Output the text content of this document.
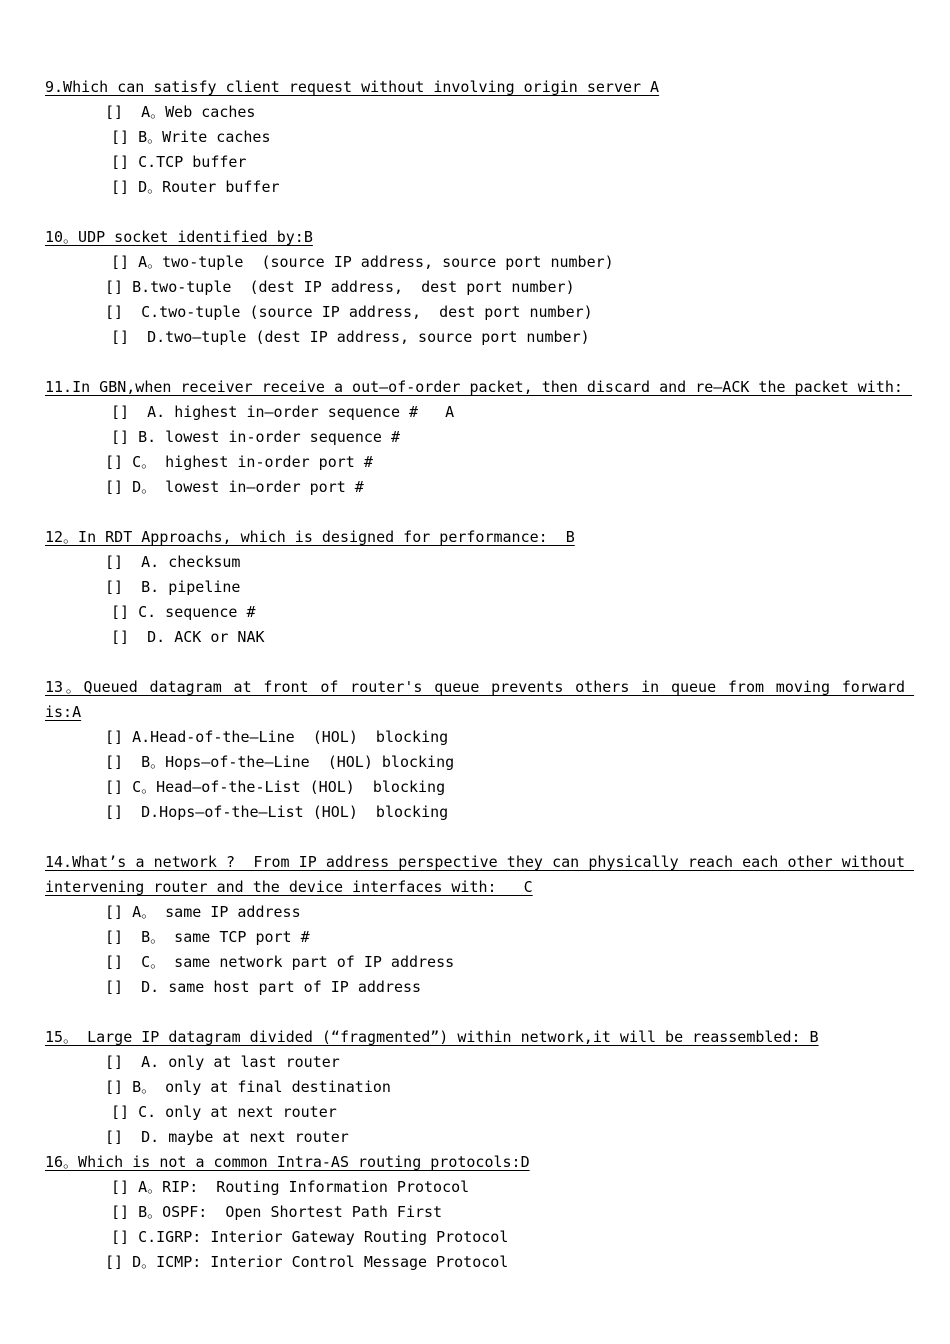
9.Which can satisfy client request without involving origin server A

[]  A。Web caches

[] B。Write caches

[] C.TCP buffer

[] D。Router buffer

10。UDP socket identified by:B

[] A。two-tuple  (source IP address, source port number)

[] B.two-tuple  (dest IP address,  dest port number)

[]  C.two-tuple (source IP address,  dest port number)

[]  D.two—tuple (dest IP address, source port number)

11.In GBN,when receiver receive a out—of-order packet, then discard and re—ACK the packet with:

[]  A. highest in—order sequence #   A

[] B. lowest in-order sequence #

[] C。 highest in-order port #

[] D。 lowest in—order port #

12。In RDT Approachs, which is designed for performance:  B

[]  A. checksum

[]  B. pipeline

[] C. sequence #

[]  D. ACK or NAK

13。Queued datagram at front of router's queue prevents others in queue from moving forward is:A

[] A.Head-of-the—Line  (HOL)  blocking

[]  B。Hops—of-the—Line  (HOL) blocking

[] C。Head—of-the-List (HOL)  blocking

[]  D.Hops—of-the—List (HOL)  blocking

14.What’s a network ?  From IP address perspective they can physically reach each other without intervening router and the device interfaces with:   C

[] A。 same IP address

[]  B。 same TCP port #

[]  C。 same network part of IP address

[]  D. same host part of IP address

15。 Large IP datagram divided (“fragmented”) within network,it will be reassembled: B

[]  A. only at last router

[] B。 only at final destination

[] C. only at next router

[]  D. maybe at next router

16。Which is not a common Intra-AS routing protocols:D

[] A。RIP:  Routing Information Protocol

[] B。OSPF:  Open Shortest Path First

[] C.IGRP: Interior Gateway Routing Protocol

[] D。ICMP: Interior Control Message Protocol
